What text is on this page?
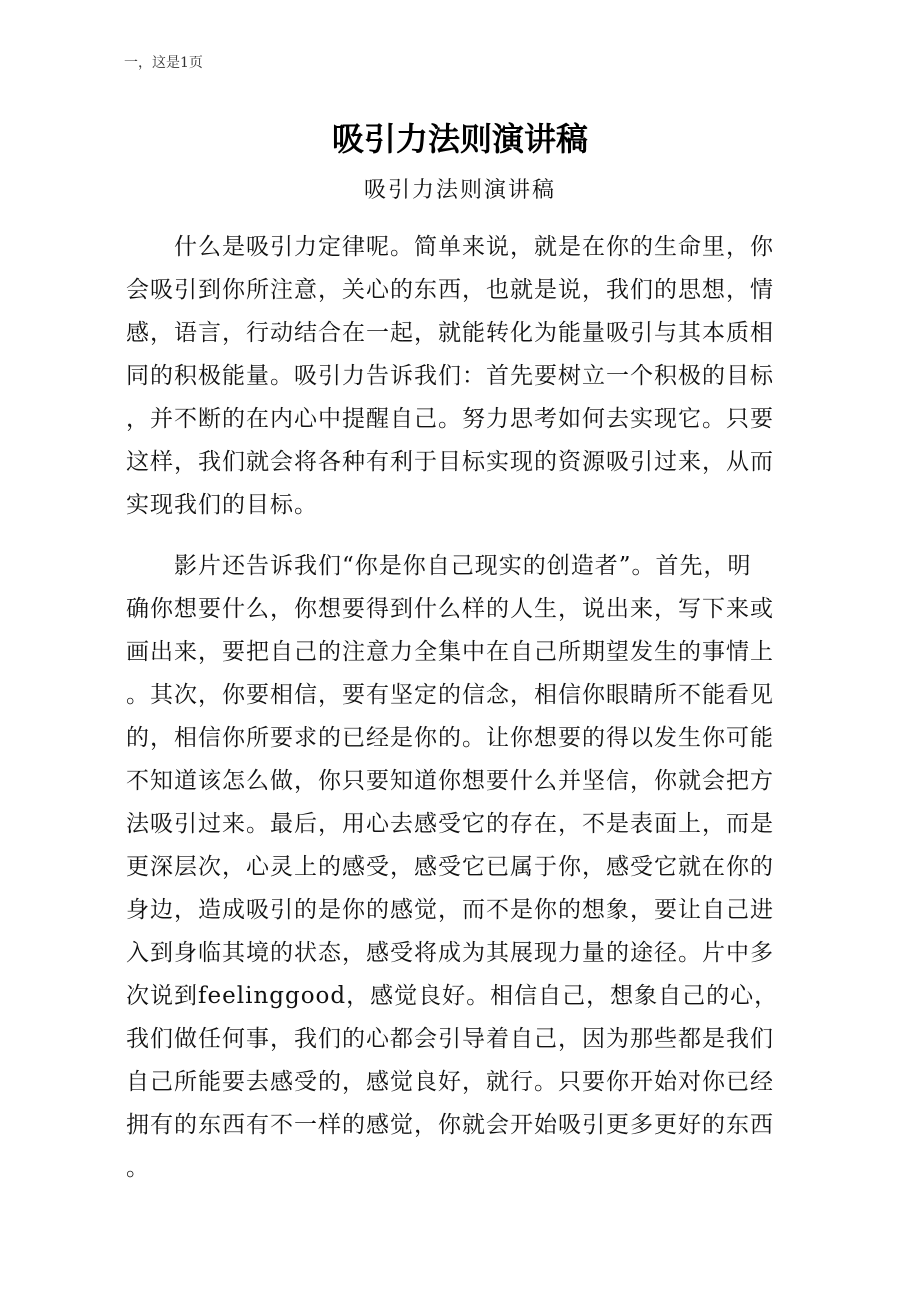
一，这是1页
吸引力法则演讲稿
吸引力法则演讲稿
什么是吸引力定律呢。简单来说，就是在你的生命里，你
会吸引到你所注意，关心的东西，也就是说，我们的思想，情
感，语言，行动结合在一起，就能转化为能量吸引与其本质相
同的积极能量。吸引力告诉我们：首先要树立一个积极的目标
，并不断的在内心中提醒自己。努力思考如何去实现它。只要
这样，我们就会将各种有利于目标实现的资源吸引过来，从而
实现我们的目标。
影片还告诉我们“你是你自己现实的创造者”。首先，明
确你想要什么，你想要得到什么样的人生，说出来，写下来或
画出来，要把自己的注意力全集中在自己所期望发生的事情上
。其次，你要相信，要有坚定的信念，相信你眼睛所不能看见
的，相信你所要求的已经是你的。让你想要的得以发生你可能
不知道该怎么做，你只要知道你想要什么并坚信，你就会把方
法吸引过来。最后，用心去感受它的存在，不是表面上，而是
更深层次，心灵上的感受，感受它已属于你，感受它就在你的
身边，造成吸引的是你的感觉，而不是你的想象，要让自己进
入到身临其境的状态，感受将成为其展现力量的途径。片中多
次说到feelinggood，感觉良好。相信自己，想象自己的心，
我们做任何事，我们的心都会引导着自己，因为那些都是我们
自己所能要去感受的，感觉良好，就行。只要你开始对你已经
拥有的东西有不一样的感觉，你就会开始吸引更多更好的东西
。
